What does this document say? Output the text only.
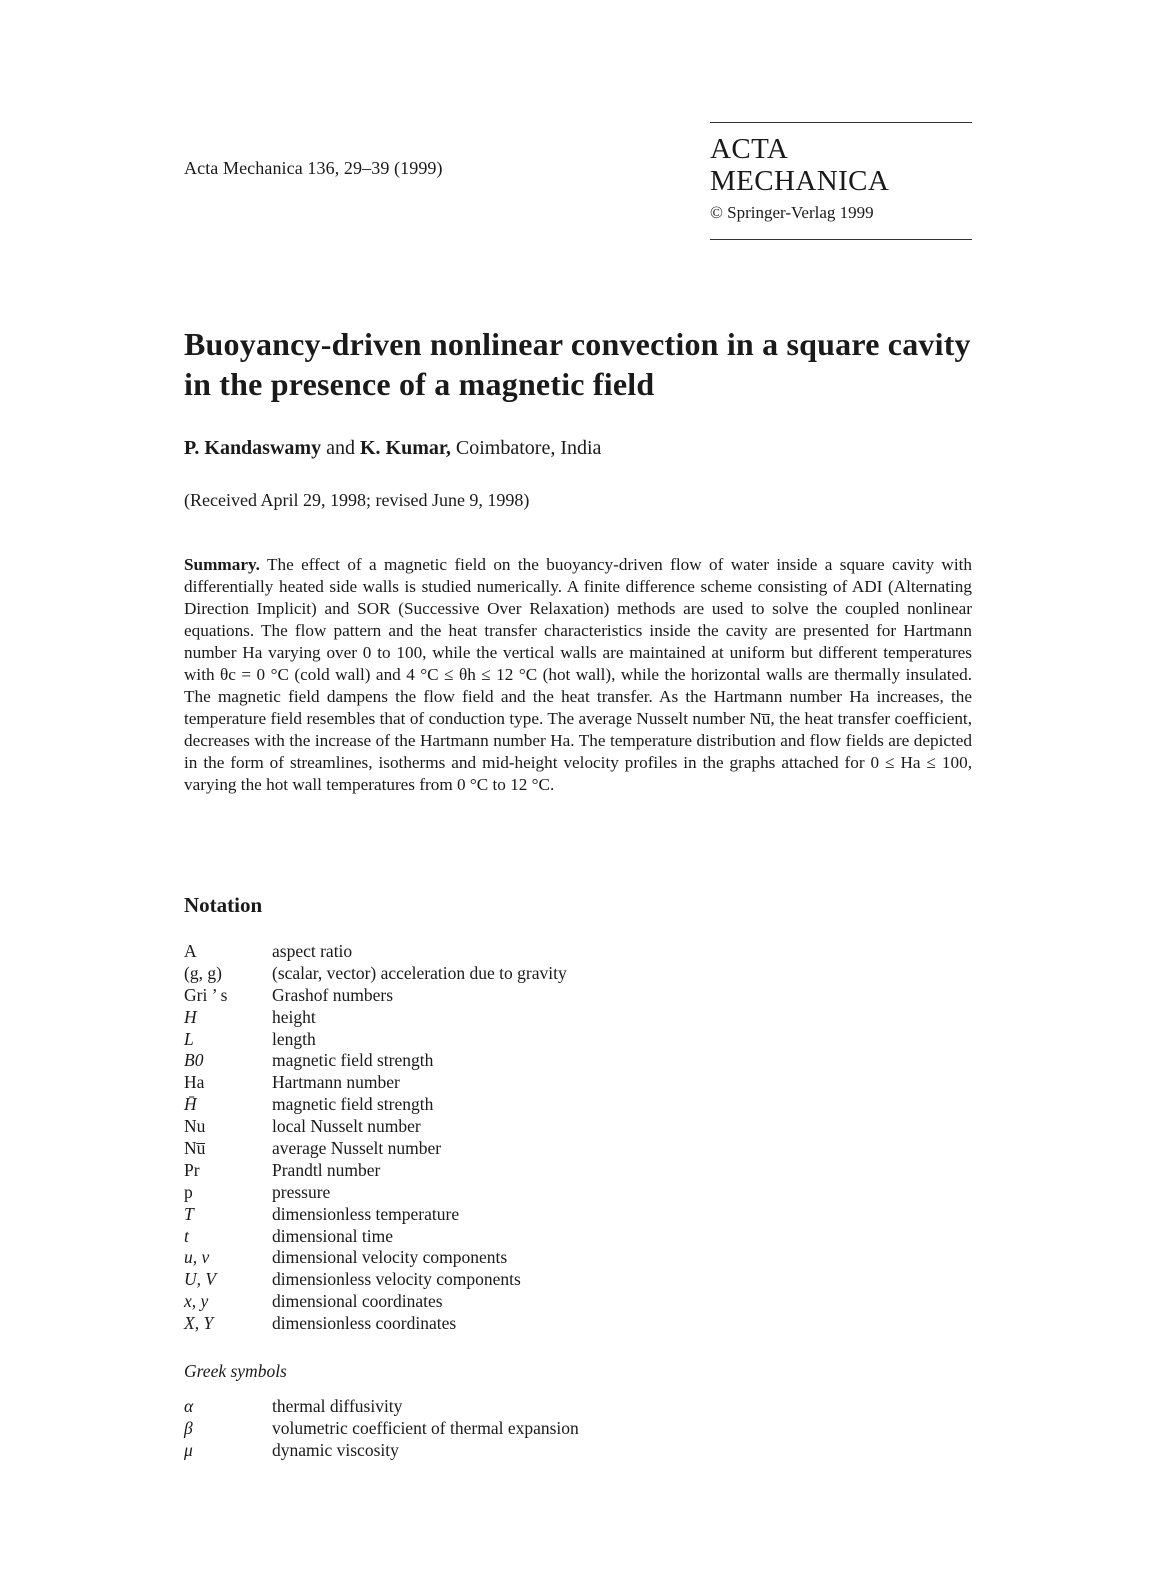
Acta Mechanica 136, 29–39 (1999)
ACTA MECHANICA
© Springer-Verlag 1999
Buoyancy-driven nonlinear convection in a square cavity in the presence of a magnetic field
P. Kandaswamy and K. Kumar, Coimbatore, India
(Received April 29, 1998; revised June 9, 1998)
Summary. The effect of a magnetic field on the buoyancy-driven flow of water inside a square cavity with differentially heated side walls is studied numerically. A finite difference scheme consisting of ADI (Alternating Direction Implicit) and SOR (Successive Over Relaxation) methods are used to solve the coupled nonlinear equations. The flow pattern and the heat transfer characteristics inside the cavity are presented for Hartmann number Ha varying over 0 to 100, while the vertical walls are maintained at uniform but different temperatures with θc = 0 °C (cold wall) and 4 °C ≤ θh ≤ 12 °C (hot wall), while the horizontal walls are thermally insulated. The magnetic field dampens the flow field and the heat transfer. As the Hartmann number Ha increases, the temperature field resembles that of conduction type. The average Nusselt number Nu̅, the heat transfer coefficient, decreases with the increase of the Hartmann number Ha. The temperature distribution and flow fields are depicted in the form of streamlines, isotherms and mid-height velocity profiles in the graphs attached for 0 ≤ Ha ≤ 100, varying the hot wall temperatures from 0 °C to 12 °C.
Notation
A	aspect ratio
(g, g)	(scalar, vector) acceleration due to gravity
Gri ’ s	Grashof numbers
H	height
L	length
B0	magnetic field strength
Ha	Hartmann number
H̄	magnetic field strength
Nu	local Nusselt number
Nu̅	average Nusselt number
Pr	Prandtl number
p	pressure
T	dimensionless temperature
t	dimensional time
u, v	dimensional velocity components
U, V	dimensionless velocity components
x, y	dimensional coordinates
X, Y	dimensionless coordinates
Greek symbols
α	thermal diffusivity
β	volumetric coefficient of thermal expansion
μ	dynamic viscosity
